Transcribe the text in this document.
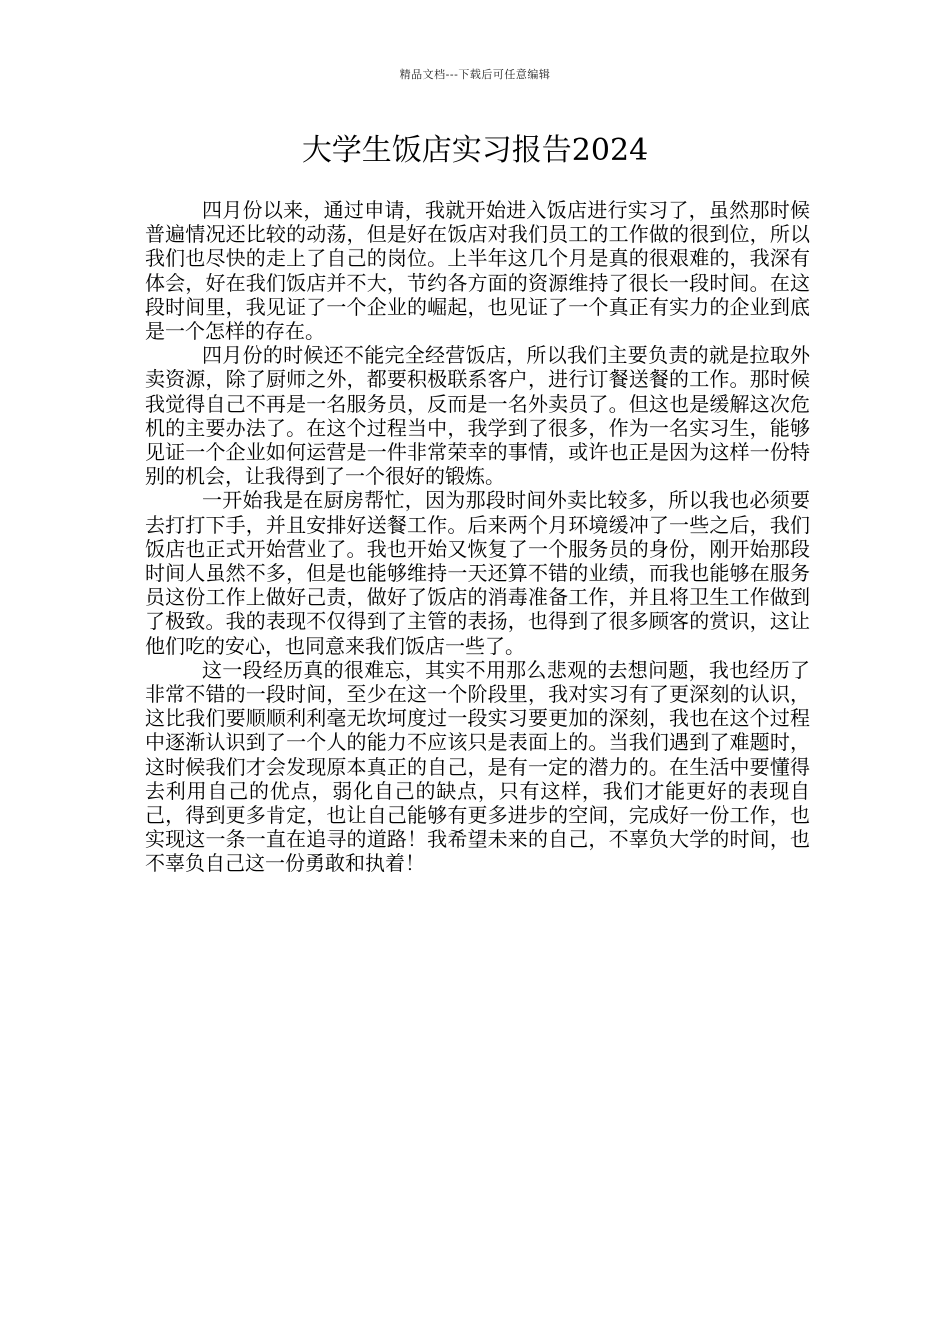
精品文档---下载后可任意编辑
大学生饭店实习报告2024

四月份以来，通过申请，我就开始进入饭店进行实习了，虽然那时候普遍情况还比较的动荡，但是好在饭店对我们员工的工作做的很到位，所以我们也尽快的走上了自己的岗位。上半年这几个月是真的很艰难的，我深有体会，好在我们饭店并不大，节约各方面的资源维持了很长一段时间。在这段时间里，我见证了一个企业的崛起，也见证了一个真正有实力的企业到底是一个怎样的存在。

四月份的时候还不能完全经营饭店，所以我们主要负责的就是拉取外卖资源，除了厨师之外，都要积极联系客户，进行订餐送餐的工作。那时候我觉得自己不再是一名服务员，反而是一名外卖员了。但这也是缓解这次危机的主要办法了。在这个过程当中，我学到了很多，作为一名实习生，能够见证一个企业如何运营是一件非常荣幸的事情，或许也正是因为这样一份特别的机会，让我得到了一个很好的锻炼。

一开始我是在厨房帮忙，因为那段时间外卖比较多，所以我也必须要去打打下手，并且安排好送餐工作。后来两个月环境缓冲了一些之后，我们饭店也正式开始营业了。我也开始又恢复了一个服务员的身份，刚开始那段时间人虽然不多，但是也能够维持一天还算不错的业绩，而我也能够在服务员这份工作上做好己责，做好了饭店的消毒准备工作，并且将卫生工作做到了极致。我的表现不仅得到了主管的表扬，也得到了很多顾客的赏识，这让他们吃的安心，也同意来我们饭店一些了。

这一段经历真的很难忘，其实不用那么悲观的去想问题，我也经历了非常不错的一段时间，至少在这一个阶段里，我对实习有了更深刻的认识，这比我们要顺顺利利毫无坎坷度过一段实习要更加的深刻，我也在这个过程中逐渐认识到了一个人的能力不应该只是表面上的。当我们遇到了难题时，这时候我们才会发现原本真正的自己，是有一定的潜力的。在生活中要懂得去利用自己的优点，弱化自己的缺点，只有这样，我们才能更好的表现自己，得到更多肯定，也让自己能够有更多进步的空间，完成好一份工作，也实现这一条一直在追寻的道路！我希望未来的自己，不辜负大学的时间，也不辜负自己这一份勇敢和执着！
